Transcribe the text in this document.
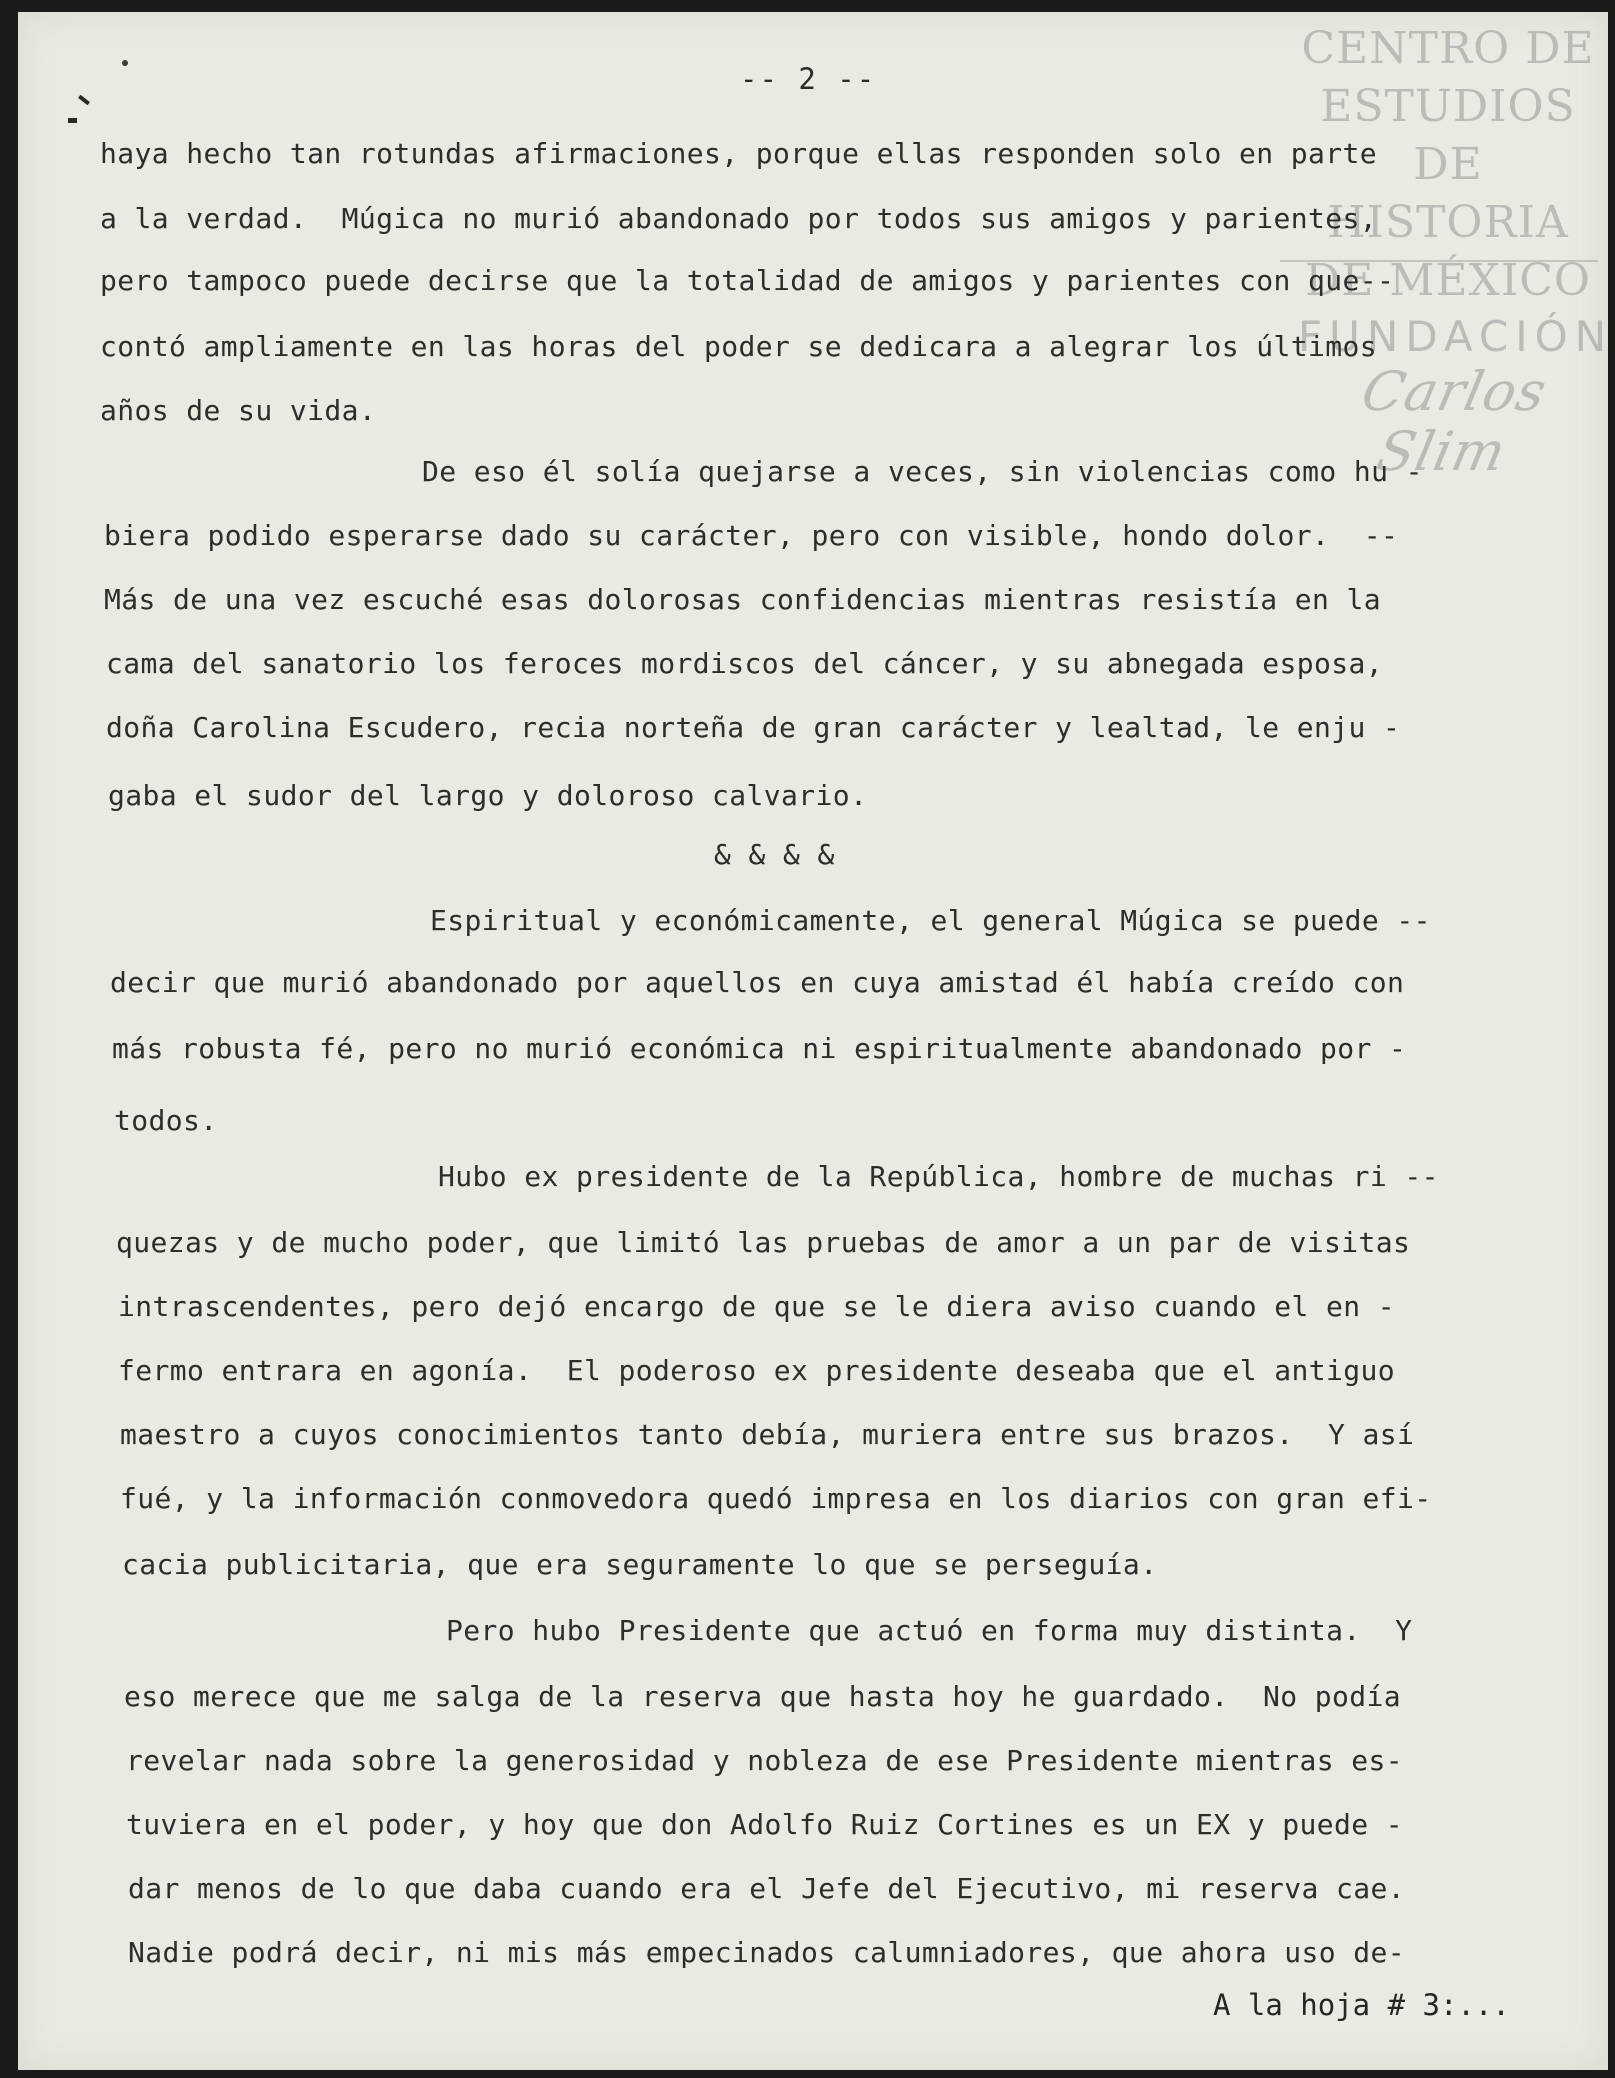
CENTRO DE
ESTUDIOS
DE HISTORIA
DE MÉXICO
FUNDACIÓN
Carlos Slim
-- 2 --
haya hecho tan rotundas afirmaciones, porque ellas responden solo en parte
a la verdad.  Múgica no murió abandonado por todos sus amigos y parientes,
pero tampoco puede decirse que la totalidad de amigos y parientes con que--
contó ampliamente en las horas del poder se dedicara a alegrar los últimos
años de su vida.
De eso él solía quejarse a veces, sin violencias como hu -
biera podido esperarse dado su carácter, pero con visible, hondo dolor.  --
Más de una vez escuché esas dolorosas confidencias mientras resistía en la
cama del sanatorio los feroces mordiscos del cáncer, y su abnegada esposa,
doña Carolina Escudero, recia norteña de gran carácter y lealtad, le enju -
gaba el sudor del largo y doloroso calvario.
& & & &
Espiritual y económicamente, el general Múgica se puede --
decir que murió abandonado por aquellos en cuya amistad él había creído con
más robusta fé, pero no murió económica ni espiritualmente abandonado por -
todos.
Hubo ex presidente de la República, hombre de muchas ri --
quezas y de mucho poder, que limitó las pruebas de amor a un par de visitas
intrascendentes, pero dejó encargo de que se le diera aviso cuando el en -
fermo entrara en agonía.  El poderoso ex presidente deseaba que el antiguo
maestro a cuyos conocimientos tanto debía, muriera entre sus brazos.  Y así
fué, y la información conmovedora quedó impresa en los diarios con gran efi-
cacia publicitaria, que era seguramente lo que se perseguía.
Pero hubo Presidente que actuó en forma muy distinta.  Y
eso merece que me salga de la reserva que hasta hoy he guardado.  No podía
revelar nada sobre la generosidad y nobleza de ese Presidente mientras es-
tuviera en el poder, y hoy que don Adolfo Ruiz Cortines es un EX y puede -
dar menos de lo que daba cuando era el Jefe del Ejecutivo, mi reserva cae.
Nadie podrá decir, ni mis más empecinados calumniadores, que ahora uso de-
A la hoja # 3:...
